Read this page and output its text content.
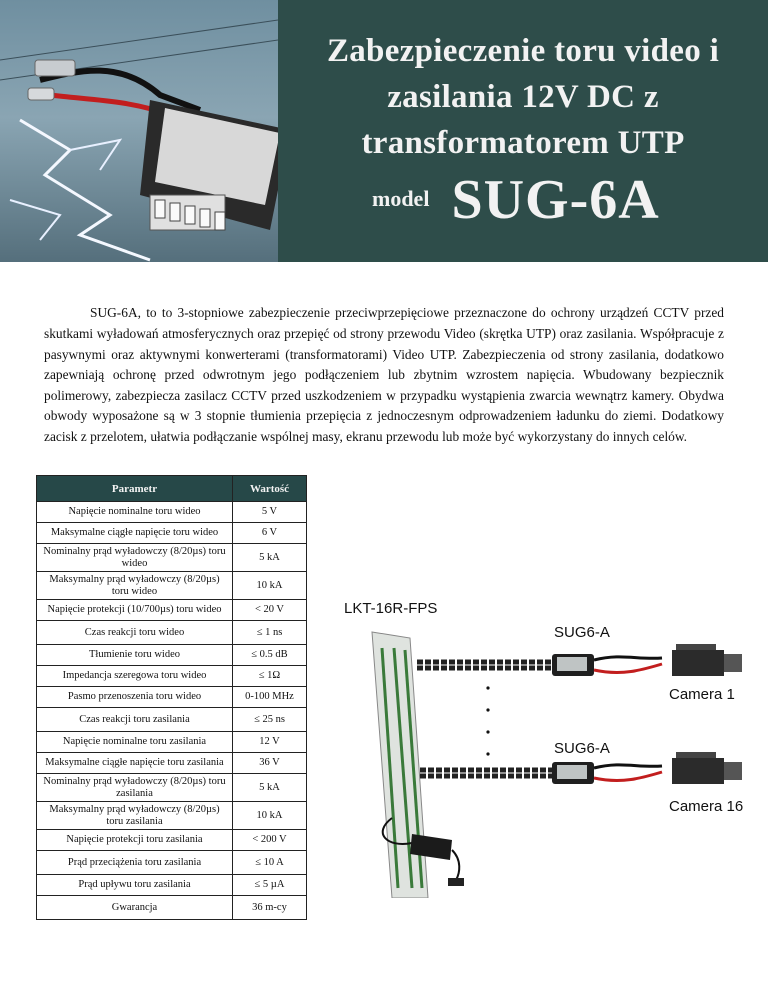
Zabezpieczenie toru video i zasilania 12V DC z transformatorem UTP
model SUG-6A

SUG-6A, to to 3-stopniowe zabezpieczenie przeciwprzepięciowe przeznaczone do ochrony urządzeń CCTV przed skutkami wyładowań atmosferycznych oraz przepięć od strony przewodu Video (skrętka UTP) oraz zasilania. Współpracuje z pasywnymi oraz aktywnymi konwerterami (transformatorami) Video UTP. Zabezpieczenia od strony zasilania, dodatkowo zapewniają ochronę przed odwrotnym jego podłączeniem lub zbytnim wzrostem napięcia. Wbudowany bezpiecznik polimerowy, zabezpiecza zasilacz CCTV przed uszkodzeniem w przypadku wystąpienia zwarcia wewnątrz kamery. Obydwa obwody wyposażone są w 3 stopnie tłumienia przepięcia z jednoczesnym odprowadzeniem ładunku do ziemi. Dodatkowy zacisk z przelotem, ułatwia podłączanie wspólnej masy, ekranu przewodu lub może być wykorzystany do innych celów.

Parametr	Wartość
Napięcie nominalne toru wideo	5 V
Maksymalne ciągłe napięcie toru wideo	6 V
Nominalny prąd wyładowczy (8/20µs) toru wideo	5 kA
Maksymalny prąd wyładowczy (8/20µs) toru wideo	10 kA
Napięcie protekcji (10/700µs) toru wideo	< 20 V
Czas reakcji toru wideo	≤ 1 ns
Tłumienie toru wideo	≤ 0.5 dB
Impedancja szeregowa toru wideo	≤ 1Ω
Pasmo przenoszenia toru wideo	0-100 MHz
Czas reakcji toru zasilania	≤ 25 ns
Napięcie nominalne toru zasilania	12 V
Maksymalne ciągłe napięcie toru zasilania	36 V
Nominalny prąd wyładowczy (8/20µs) toru zasilania	5 kA
Maksymalny prąd wyładowczy (8/20µs) toru zasilania	10 kA
Napięcie protekcji toru zasilania	< 200 V
Prąd przeciążenia toru zasilania	≤ 10 A
Prąd upływu toru zasilania	≤ 5 µA
Gwarancja	36 m-cy
LKT-16R-FPS
SUG6-A
SUG6-A
Camera 1
Camera 16
